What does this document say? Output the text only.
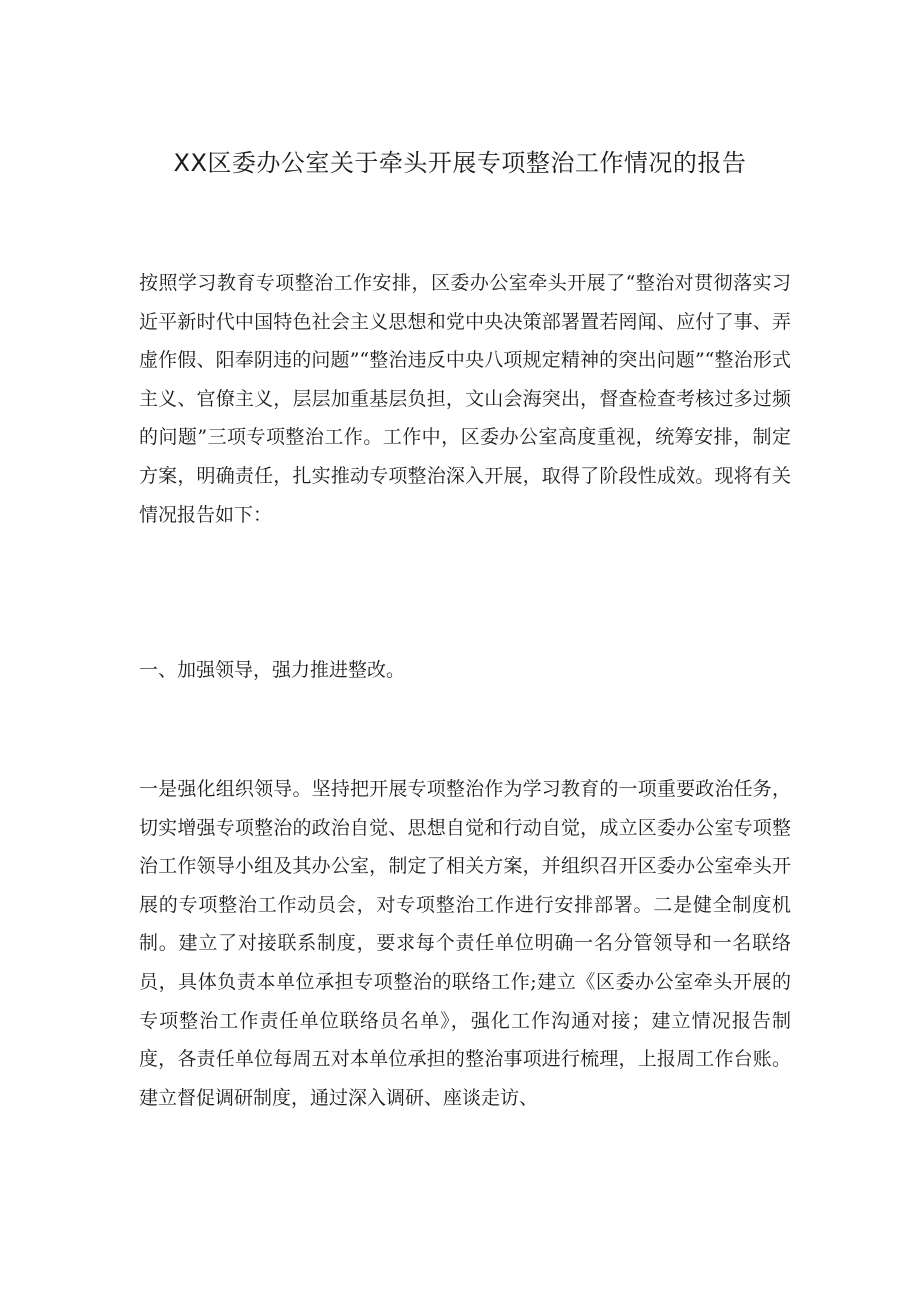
XX区委办公室关于牵头开展专项整治工作情况的报告

按照学习教育专项整治工作安排，区委办公室牵头开展了“整治对贯彻落实习近平新时代中国特色社会主义思想和党中央决策部署置若罔闻、应付了事、弄虚作假、阳奉阴违的问题”“整治违反中央八项规定精神的突出问题”“整治形式主义、官僚主义，层层加重基层负担，文山会海突出，督查检查考核过多过频的问题”三项专项整治工作。工作中，区委办公室高度重视，统筹安排，制定方案，明确责任，扎实推动专项整治深入开展，取得了阶段性成效。现将有关情况报告如下：

一、加强领导，强力推进整改。

一是强化组织领导。坚持把开展专项整治作为学习教育的一项重要政治任务，切实增强专项整治的政治自觉、思想自觉和行动自觉，成立区委办公室专项整治工作领导小组及其办公室，制定了相关方案，并组织召开区委办公室牵头开展的专项整治工作动员会，对专项整治工作进行安排部署。二是健全制度机制。建立了对接联系制度，要求每个责任单位明确一名分管领导和一名联络员，具体负责本单位承担专项整治的联络工作;建立《区委办公室牵头开展的专项整治工作责任单位联络员名单》，强化工作沟通对接；建立情况报告制度，各责任单位每周五对本单位承担的整治事项进行梳理，上报周工作台账。建立督促调研制度，通过深入调研、座谈走访、
